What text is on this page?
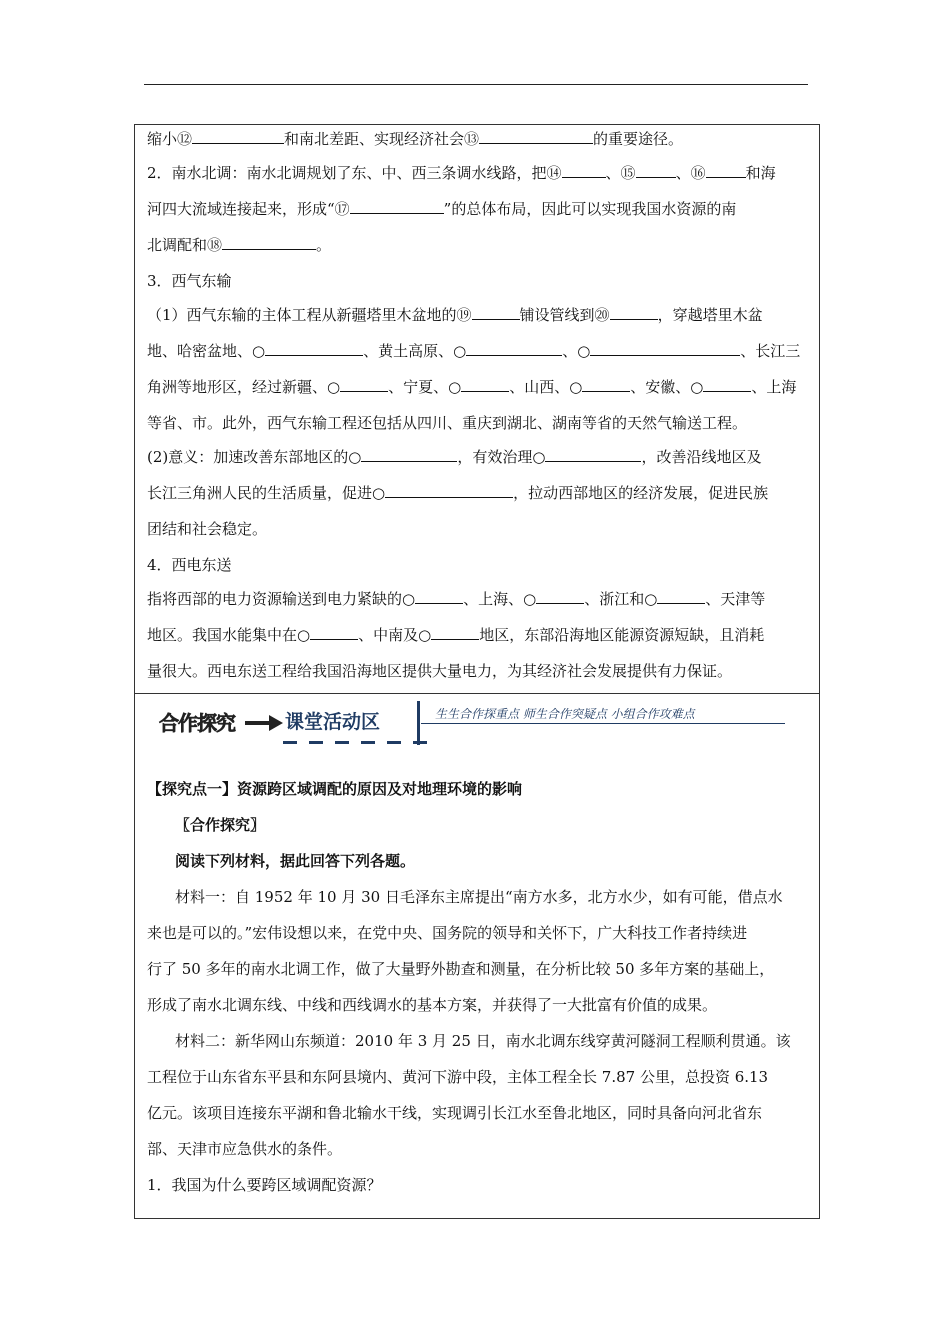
缩小⑫	和南北差距、实现经济社会⑬	的重要途径。
2．南水北调：南水北调规划了东、中、西三条调水线路，把⑭	、⑮	、⑯	和海
河四大流域连接起来，形成“⑰	”的总体布局，因此可以实现我国水资源的南
北调配和⑱	。
3．西气东输
（1）西气东输的主体工程从新疆塔里木盆地的⑲	铺设管线到⑳	，穿越塔里木盆
地、哈密盆地、○	、黄土高原、○	、○	、长江三
角洲等地形区，经过新疆、○	、宁夏、○	、山西、○	、安徽、○	、上海
等省、市。此外，西气东输工程还包括从四川、重庆到湖北、湖南等省的天然气输送工程。
(2)意义：加速改善东部地区的○	，有效治理○	，改善沿线地区及
长江三角洲人民的生活质量，促进○	，拉动西部地区的经济发展，促进民族
团结和社会稳定。
4．西电东送
指将西部的电力资源输送到电力紧缺的○	、上海、○	、浙江和○	、天津等
地区。我国水能集中在○	、中南及○	地区，东部沿海地区能源资源短缺，且消耗
量很大。西电东送工程给我国沿海地区提供大量电力，为其经济社会发展提供有力保证。
合作探究	课堂活动区	生生合作探重点 师生合作突疑点 小组合作攻难点
【探究点一】资源跨区域调配的原因及对地理环境的影响
〖合作探究〗
阅读下列材料，据此回答下列各题。
材料一：自 1952 年 10 月 30 日毛泽东主席提出“南方水多，北方水少，如有可能，借点水
来也是可以的。”宏伟设想以来，在党中央、国务院的领导和关怀下，广大科技工作者持续进
行了 50 多年的南水北调工作，做了大量野外勘查和测量，在分析比较 50 多年方案的基础上，
形成了南水北调东线、中线和西线调水的基本方案，并获得了一大批富有价值的成果。
材料二：新华网山东频道：2010 年 3 月 25 日，南水北调东线穿黄河隧洞工程顺利贯通。该
工程位于山东省东平县和东阿县境内、黄河下游中段，主体工程全长 7.87 公里，总投资 6.13
亿元。该项目连接东平湖和鲁北输水干线，实现调引长江水至鲁北地区，同时具备向河北省东
部、天津市应急供水的条件。
1．我国为什么要跨区域调配资源？
